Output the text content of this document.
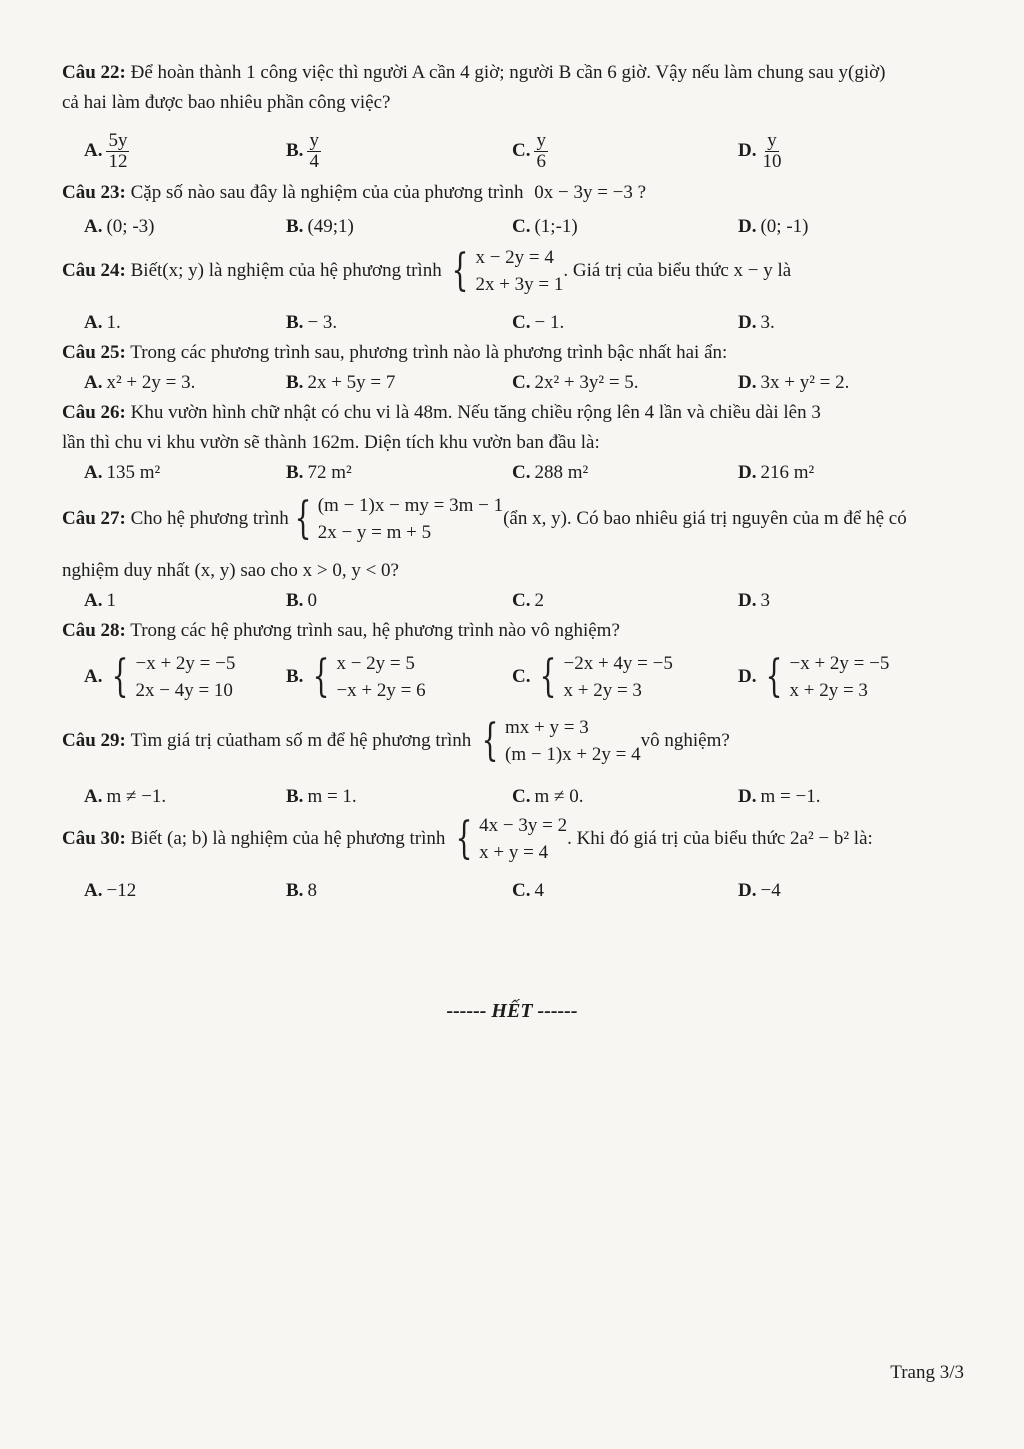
Câu 22: Để hoàn thành 1 công việc thì người A cần 4 giờ; người B cần 6 giờ. Vậy nếu làm chung sau y(giờ)
cả hai làm được bao nhiêu phần công việc?
A. $\frac{5y}{12}$	B. $\frac{y}{4}$	C. $\frac{y}{6}$	D. $\frac{y}{10}$
Câu 23: Cặp số nào sau đây là nghiệm của của phương trình 0x − 3y = −3 ?
A. (0; -3)	B. (49;1)	C. (1;-1)	D. (0; -1)
Câu 24:
Biết(x; y) là nghiệm của hệ phương trình
{ x − 2y = 4
2x + 3y = 1
. Giá trị của biểu thức x − y là
A. 1.	B. − 3.	C. − 1.	D. 3.
Câu 25: Trong các phương trình sau, phương trình nào là phương trình bậc nhất hai ẩn:
A. x² + 2y = 3.	B. 2x + 5y = 7	C. 2x² + 3y² = 5.	D. 3x + y² = 2.
Câu 26: Khu vườn hình chữ nhật có chu vi là 48m. Nếu tăng chiều rộng lên 4 lần và chiều dài lên 3
lần thì chu vi khu vườn sẽ thành 162m. Diện tích khu vườn ban đầu là:
A. 135 m²	B. 72 m²	C. 288 m²	D. 216 m²
Câu 27:
Cho hệ phương trình { (m − 1)x − my = 3m − 1
2x − y = m + 5
(ẩn x, y). Có bao nhiêu giá trị nguyên của m để hệ có
nghiệm duy nhất (x, y) sao cho x > 0, y < 0?
A. 1	B. 0	C. 2	D. 3
Câu 28: Trong các hệ phương trình sau, hệ phương trình nào vô nghiệm?
A. { −x + 2y = −5
2x − 4y = 10
B. { x − 2y = 5
−x + 2y = 6
C. { −2x + 4y = −5
x + 2y = 3
D. { −x + 2y = −5
x + 2y = 3
Câu 29:
Tìm giá trị củatham số m để hệ phương trình
{ mx + y = 3
(m − 1)x + 2y = 4
vô nghiệm?
A. m ≠ −1.	B. m = 1.	C. m ≠ 0.	D. m = −1.
Câu 30:
Biết (a; b) là nghiệm của hệ phương trình
{ 4x − 3y = 2
x + y = 4
. Khi đó giá trị của biểu thức 2a² − b² là:
A. −12	B. 8	C. 4	D. −4
------ HẾT ------
Trang 3/3
